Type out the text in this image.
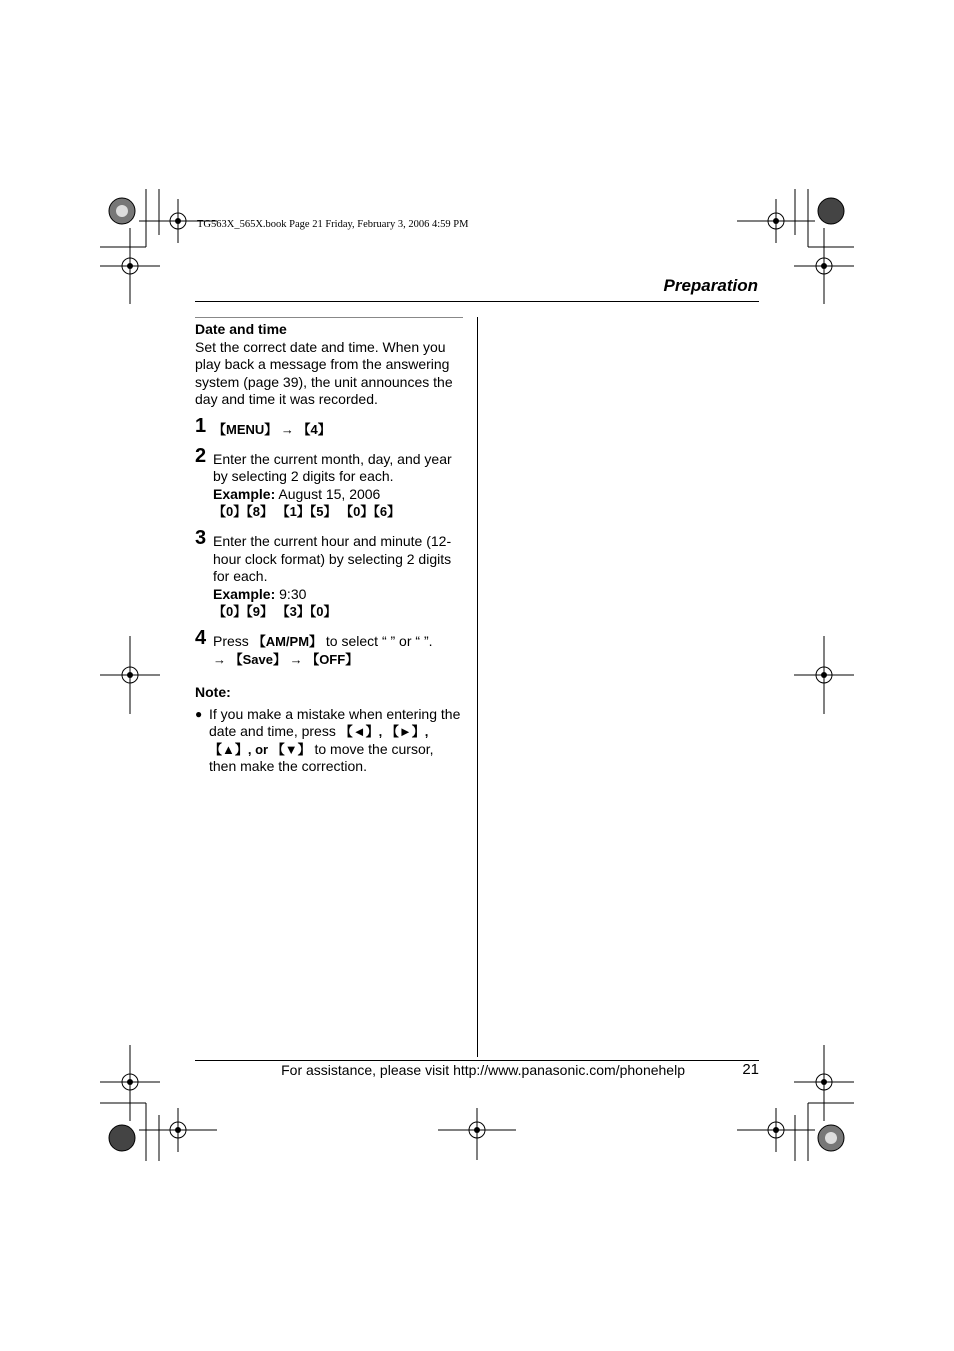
TG563X_565X.book Page 21 Friday, February 3, 2006 4:59 PM
Preparation

Date and time

Set the correct date and time. When you play back a message from the answering system (page 39), the unit announces the day and time it was recorded.

1 【MENU】 → 【4】
2 Enter the current month, day, and year by selecting 2 digits for each.
Example: August 15, 2006
【0】【8】 【1】【5】 【0】【6】
3 Enter the current hour and minute (12-hour clock format) by selecting 2 digits for each.
Example: 9:30
【0】【9】 【3】【0】
4 Press 【AM/PM】 to select “ ” or “ ”.
→ 【Save】 → 【OFF】
Note:
● If you make a mistake when entering the date and time, press 【◄】, 【►】, 【▲】, or 【▼】 to move the cursor, then make the correction.
For assistance, please visit http://www.panasonic.com/phonehelp	21
